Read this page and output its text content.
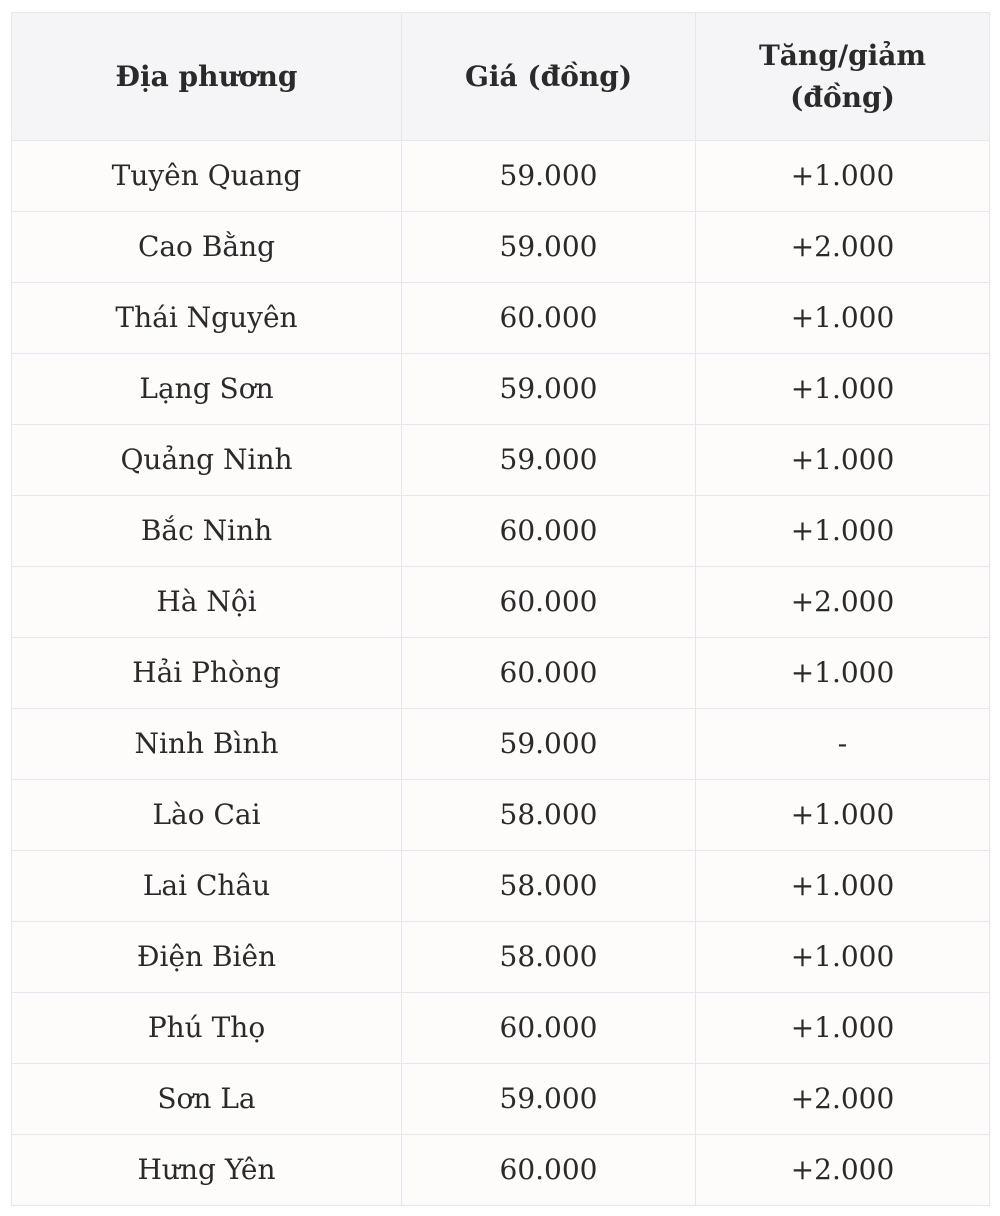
Địa phương	Giá (đồng)	Tăng/giảm (đồng)
Tuyên Quang	59.000	+1.000
Cao Bằng	59.000	+2.000
Thái Nguyên	60.000	+1.000
Lạng Sơn	59.000	+1.000
Quảng Ninh	59.000	+1.000
Bắc Ninh	60.000	+1.000
Hà Nội	60.000	+2.000
Hải Phòng	60.000	+1.000
Ninh Bình	59.000	-
Lào Cai	58.000	+1.000
Lai Châu	58.000	+1.000
Điện Biên	58.000	+1.000
Phú Thọ	60.000	+1.000
Sơn La	59.000	+2.000
Hưng Yên	60.000	+2.000
